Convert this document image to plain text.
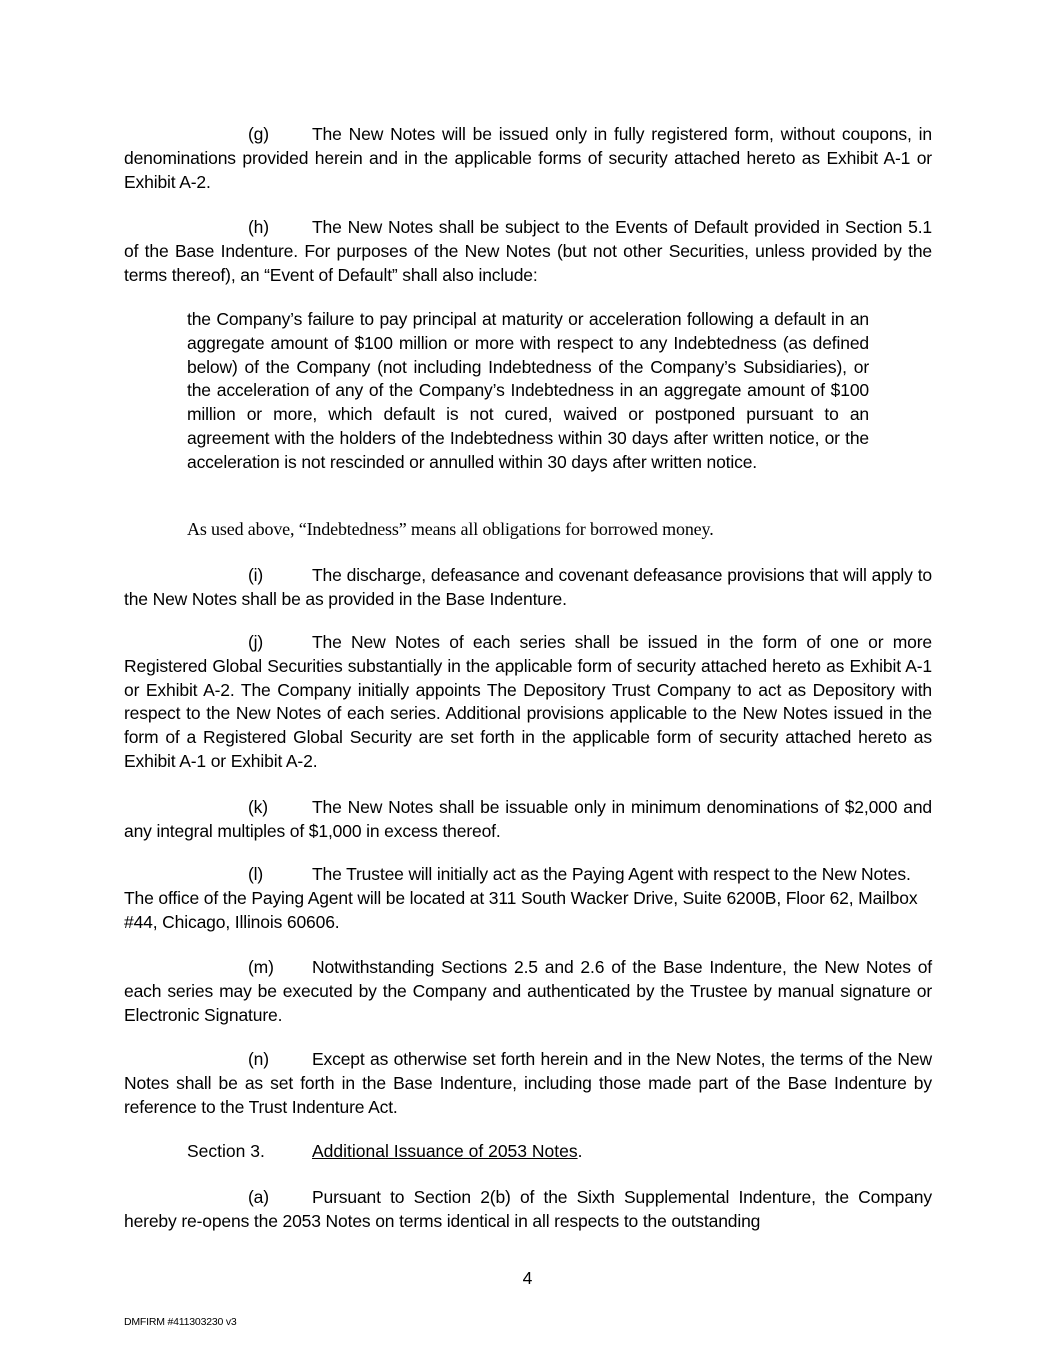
(g) The New Notes will be issued only in fully registered form, without coupons, in denominations provided herein and in the applicable forms of security attached hereto as Exhibit A-1 or Exhibit A-2.
(h) The New Notes shall be subject to the Events of Default provided in Section 5.1 of the Base Indenture. For purposes of the New Notes (but not other Securities, unless provided by the terms thereof), an “Event of Default” shall also include:
the Company’s failure to pay principal at maturity or acceleration following a default in an aggregate amount of $100 million or more with respect to any Indebtedness (as defined below) of the Company (not including Indebtedness of the Company’s Subsidiaries), or the acceleration of any of the Company’s Indebtedness in an aggregate amount of $100 million or more, which default is not cured, waived or postponed pursuant to an agreement with the holders of the Indebtedness within 30 days after written notice, or the acceleration is not rescinded or annulled within 30 days after written notice.
As used above, “Indebtedness” means all obligations for borrowed money.
(i)	The discharge, defeasance and covenant defeasance provisions that will apply to the New Notes shall be as provided in the Base Indenture.
(j)	The New Notes of each series shall be issued in the form of one or more Registered Global Securities substantially in the applicable form of security attached hereto as Exhibit A-1 or Exhibit A-2. The Company initially appoints The Depository Trust Company to act as Depository with respect to the New Notes of each series. Additional provisions applicable to the New Notes issued in the form of a Registered Global Security are set forth in the applicable form of security attached hereto as Exhibit A-1 or Exhibit A-2.
(k)	The New Notes shall be issuable only in minimum denominations of $2,000 and any integral multiples of $1,000 in excess thereof.
(l)	The Trustee will initially act as the Paying Agent with respect to the New Notes. The office of the Paying Agent will be located at 311 South Wacker Drive, Suite 6200B, Floor 62, Mailbox #44, Chicago, Illinois 60606.
(m) Notwithstanding Sections 2.5 and 2.6 of the Base Indenture, the New Notes of each series may be executed by the Company and authenticated by the Trustee by manual signature or Electronic Signature.
(n) Except as otherwise set forth herein and in the New Notes, the terms of the New Notes shall be as set forth in the Base Indenture, including those made part of the Base Indenture by reference to the Trust Indenture Act.
Section 3.	Additional Issuance of 2053 Notes.
(a) Pursuant to Section 2(b) of the Sixth Supplemental Indenture, the Company hereby re-opens the 2053 Notes on terms identical in all respects to the outstanding
4
DMFIRM #411303230 v3
